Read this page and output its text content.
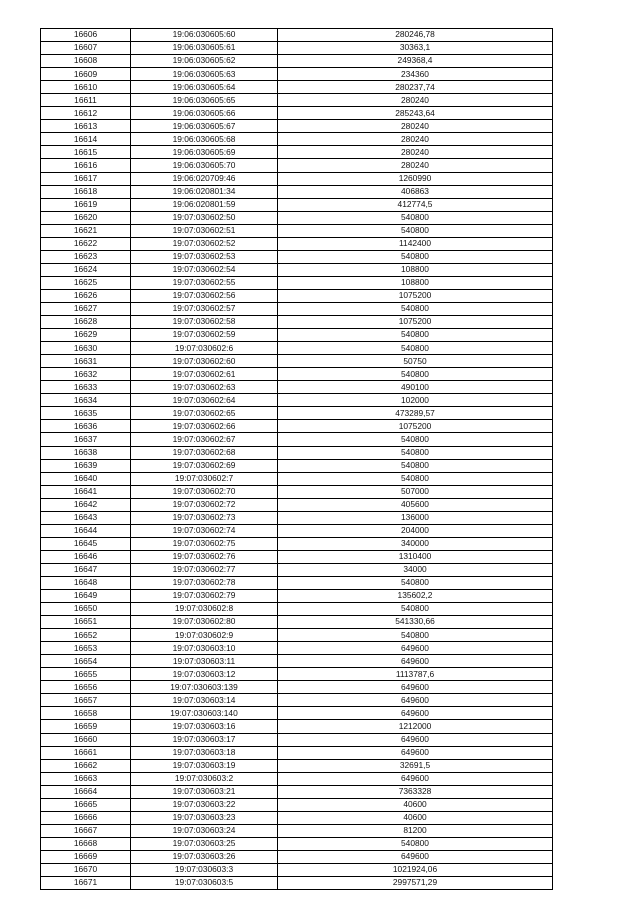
16606	19:06:030605:60	280246,78
16607	19:06:030605:61	30363,1
16608	19:06:030605:62	249368,4
16609	19:06:030605:63	234360
16610	19:06:030605:64	280237,74
16611	19:06:030605:65	280240
16612	19:06:030605:66	285243,64
16613	19:06:030605:67	280240
16614	19:06:030605:68	280240
16615	19:06:030605:69	280240
16616	19:06:030605:70	280240
16617	19:06:020709:46	1260990
16618	19:06:020801:34	406863
16619	19:06:020801:59	412774,5
16620	19:07:030602:50	540800
16621	19:07:030602:51	540800
16622	19:07:030602:52	1142400
16623	19:07:030602:53	540800
16624	19:07:030602:54	108800
16625	19:07:030602:55	108800
16626	19:07:030602:56	1075200
16627	19:07:030602:57	540800
16628	19:07:030602:58	1075200
16629	19:07:030602:59	540800
16630	19:07:030602:6	540800
16631	19:07:030602:60	50750
16632	19:07:030602:61	540800
16633	19:07:030602:63	490100
16634	19:07:030602:64	102000
16635	19:07:030602:65	473289,57
16636	19:07:030602:66	1075200
16637	19:07:030602:67	540800
16638	19:07:030602:68	540800
16639	19:07:030602:69	540800
16640	19:07:030602:7	540800
16641	19:07:030602:70	507000
16642	19:07:030602:72	405600
16643	19:07:030602:73	136000
16644	19:07:030602:74	204000
16645	19:07:030602:75	340000
16646	19:07:030602:76	1310400
16647	19:07:030602:77	34000
16648	19:07:030602:78	540800
16649	19:07:030602:79	135602,2
16650	19:07:030602:8	540800
16651	19:07:030602:80	541330,66
16652	19:07:030602:9	540800
16653	19:07:030603:10	649600
16654	19:07:030603:11	649600
16655	19:07:030603:12	1113787,6
16656	19:07:030603:139	649600
16657	19:07:030603:14	649600
16658	19:07:030603:140	649600
16659	19:07:030603:16	1212000
16660	19:07:030603:17	649600
16661	19:07:030603:18	649600
16662	19:07:030603:19	32691,5
16663	19:07:030603:2	649600
16664	19:07:030603:21	7363328
16665	19:07:030603:22	40600
16666	19:07:030603:23	40600
16667	19:07:030603:24	81200
16668	19:07:030603:25	540800
16669	19:07:030603:26	649600
16670	19:07:030603:3	1021924,06
16671	19:07:030603:5	2997571,29
